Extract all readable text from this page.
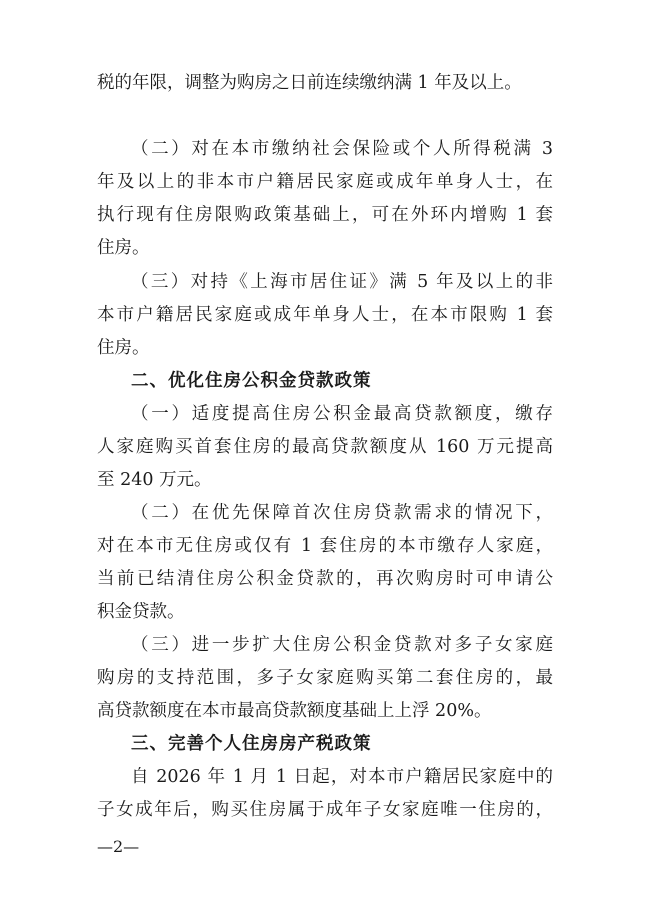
税的年限，调整为购房之日前连续缴纳满 1 年及以上。
（二）对在本市缴纳社会保险或个人所得税满 3
年及以上的非本市户籍居民家庭或成年单身人士，在
执行现有住房限购政策基础上，可在外环内增购 1 套
住房。
（三）对持《上海市居住证》满 5 年及以上的非
本市户籍居民家庭或成年单身人士，在本市限购 1 套
住房。
二、优化住房公积金贷款政策
（一）适度提高住房公积金最高贷款额度，缴存
人家庭购买首套住房的最高贷款额度从 160 万元提高
至 240 万元。
（二）在优先保障首次住房贷款需求的情况下，
对在本市无住房或仅有 1 套住房的本市缴存人家庭，
当前已结清住房公积金贷款的，再次购房时可申请公
积金贷款。
（三）进一步扩大住房公积金贷款对多子女家庭
购房的支持范围，多子女家庭购买第二套住房的，最
高贷款额度在本市最高贷款额度基础上上浮 20%。
三、完善个人住房房产税政策
自 2026 年 1 月 1 日起，对本市户籍居民家庭中的
子女成年后，购买住房属于成年子女家庭唯一住房的，
—2—
